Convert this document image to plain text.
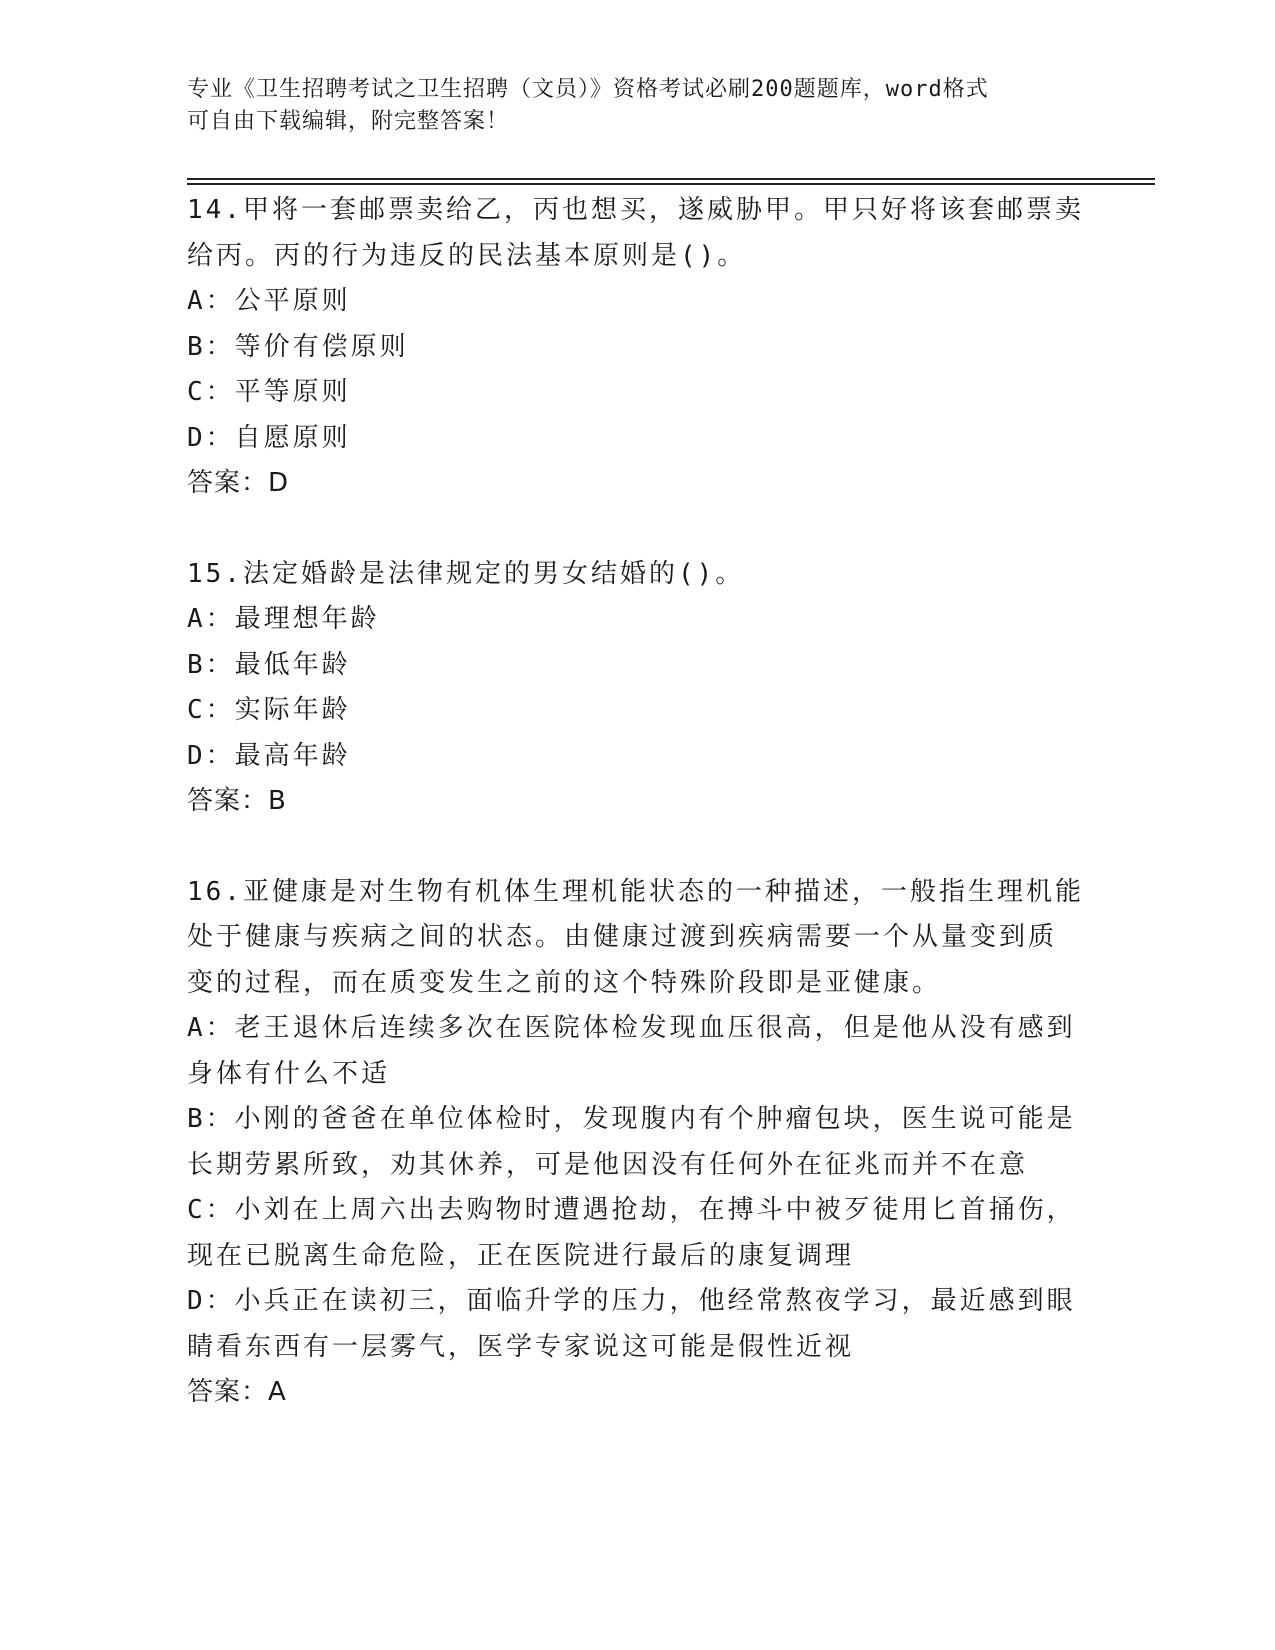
专业《卫生招聘考试之卫生招聘（文员）》资格考试必刷200题题库，word格式
可自由下载编辑，附完整答案！
14.甲将一套邮票卖给乙，丙也想买，遂威胁甲。甲只好将该套邮票卖
给丙。丙的行为违反的民法基本原则是()。
A：公平原则
B：等价有偿原则
C：平等原则
D：自愿原则
答案：D
15.法定婚龄是法律规定的男女结婚的()。
A：最理想年龄
B：最低年龄
C：实际年龄
D：最高年龄
答案：B
16.亚健康是对生物有机体生理机能状态的一种描述，一般指生理机能
处于健康与疾病之间的状态。由健康过渡到疾病需要一个从量变到质
变的过程，而在质变发生之前的这个特殊阶段即是亚健康。
A：老王退休后连续多次在医院体检发现血压很高，但是他从没有感到
身体有什么不适
B：小刚的爸爸在单位体检时，发现腹内有个肿瘤包块，医生说可能是
长期劳累所致，劝其休养，可是他因没有任何外在征兆而并不在意
C：小刘在上周六出去购物时遭遇抢劫，在搏斗中被歹徒用匕首捅伤，
现在已脱离生命危险，正在医院进行最后的康复调理
D：小兵正在读初三，面临升学的压力，他经常熬夜学习，最近感到眼
睛看东西有一层雾气，医学专家说这可能是假性近视
答案：A
